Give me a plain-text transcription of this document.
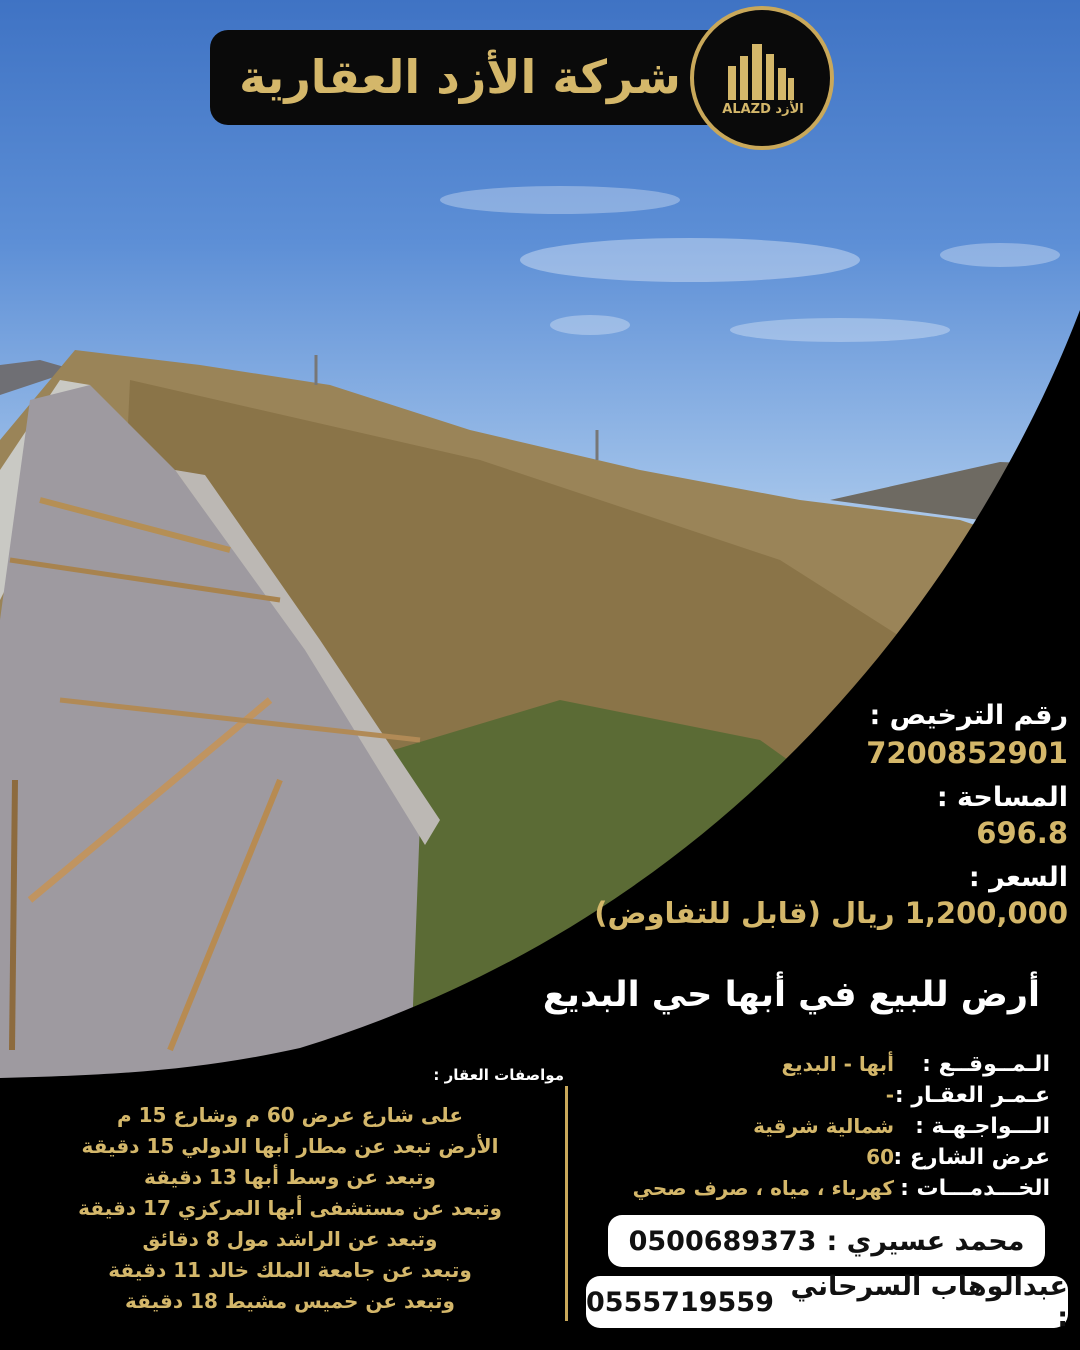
شركة الأزد العقارية
ALAZD الأزد
رقم الترخيص :
7200852901
المساحة :
696.8
السعر :
1,200,000 ريال (قابل للتفاوض)
أرض للبيع في أبها حي البديع
مواصفات العقار :
على شارع عرض 60 م وشارع 15 م
الأرض تبعد عن مطار أبها الدولي 15 دقيقة
وتبعد عن وسط أبها 13 دقيقة
وتبعد عن مستشفى أبها المركزي 17 دقيقة
وتبعد عن الراشد مول 8 دقائق
وتبعد عن جامعة الملك خالد 11 دقيقة
وتبعد عن خميس مشيط 18 دقيقة
الـمــوقــع :
أبها - البديع
عـمـر العقـار :
-
الـــواجـهـة :
شمالية شرقية
عرض الشارع :
60
الخـــدمـــات :
كهرباء ، مياه ، صرف صحي
محمد عسيري :
0500689373
عبدالوهاب السرحاني :
0555719559
